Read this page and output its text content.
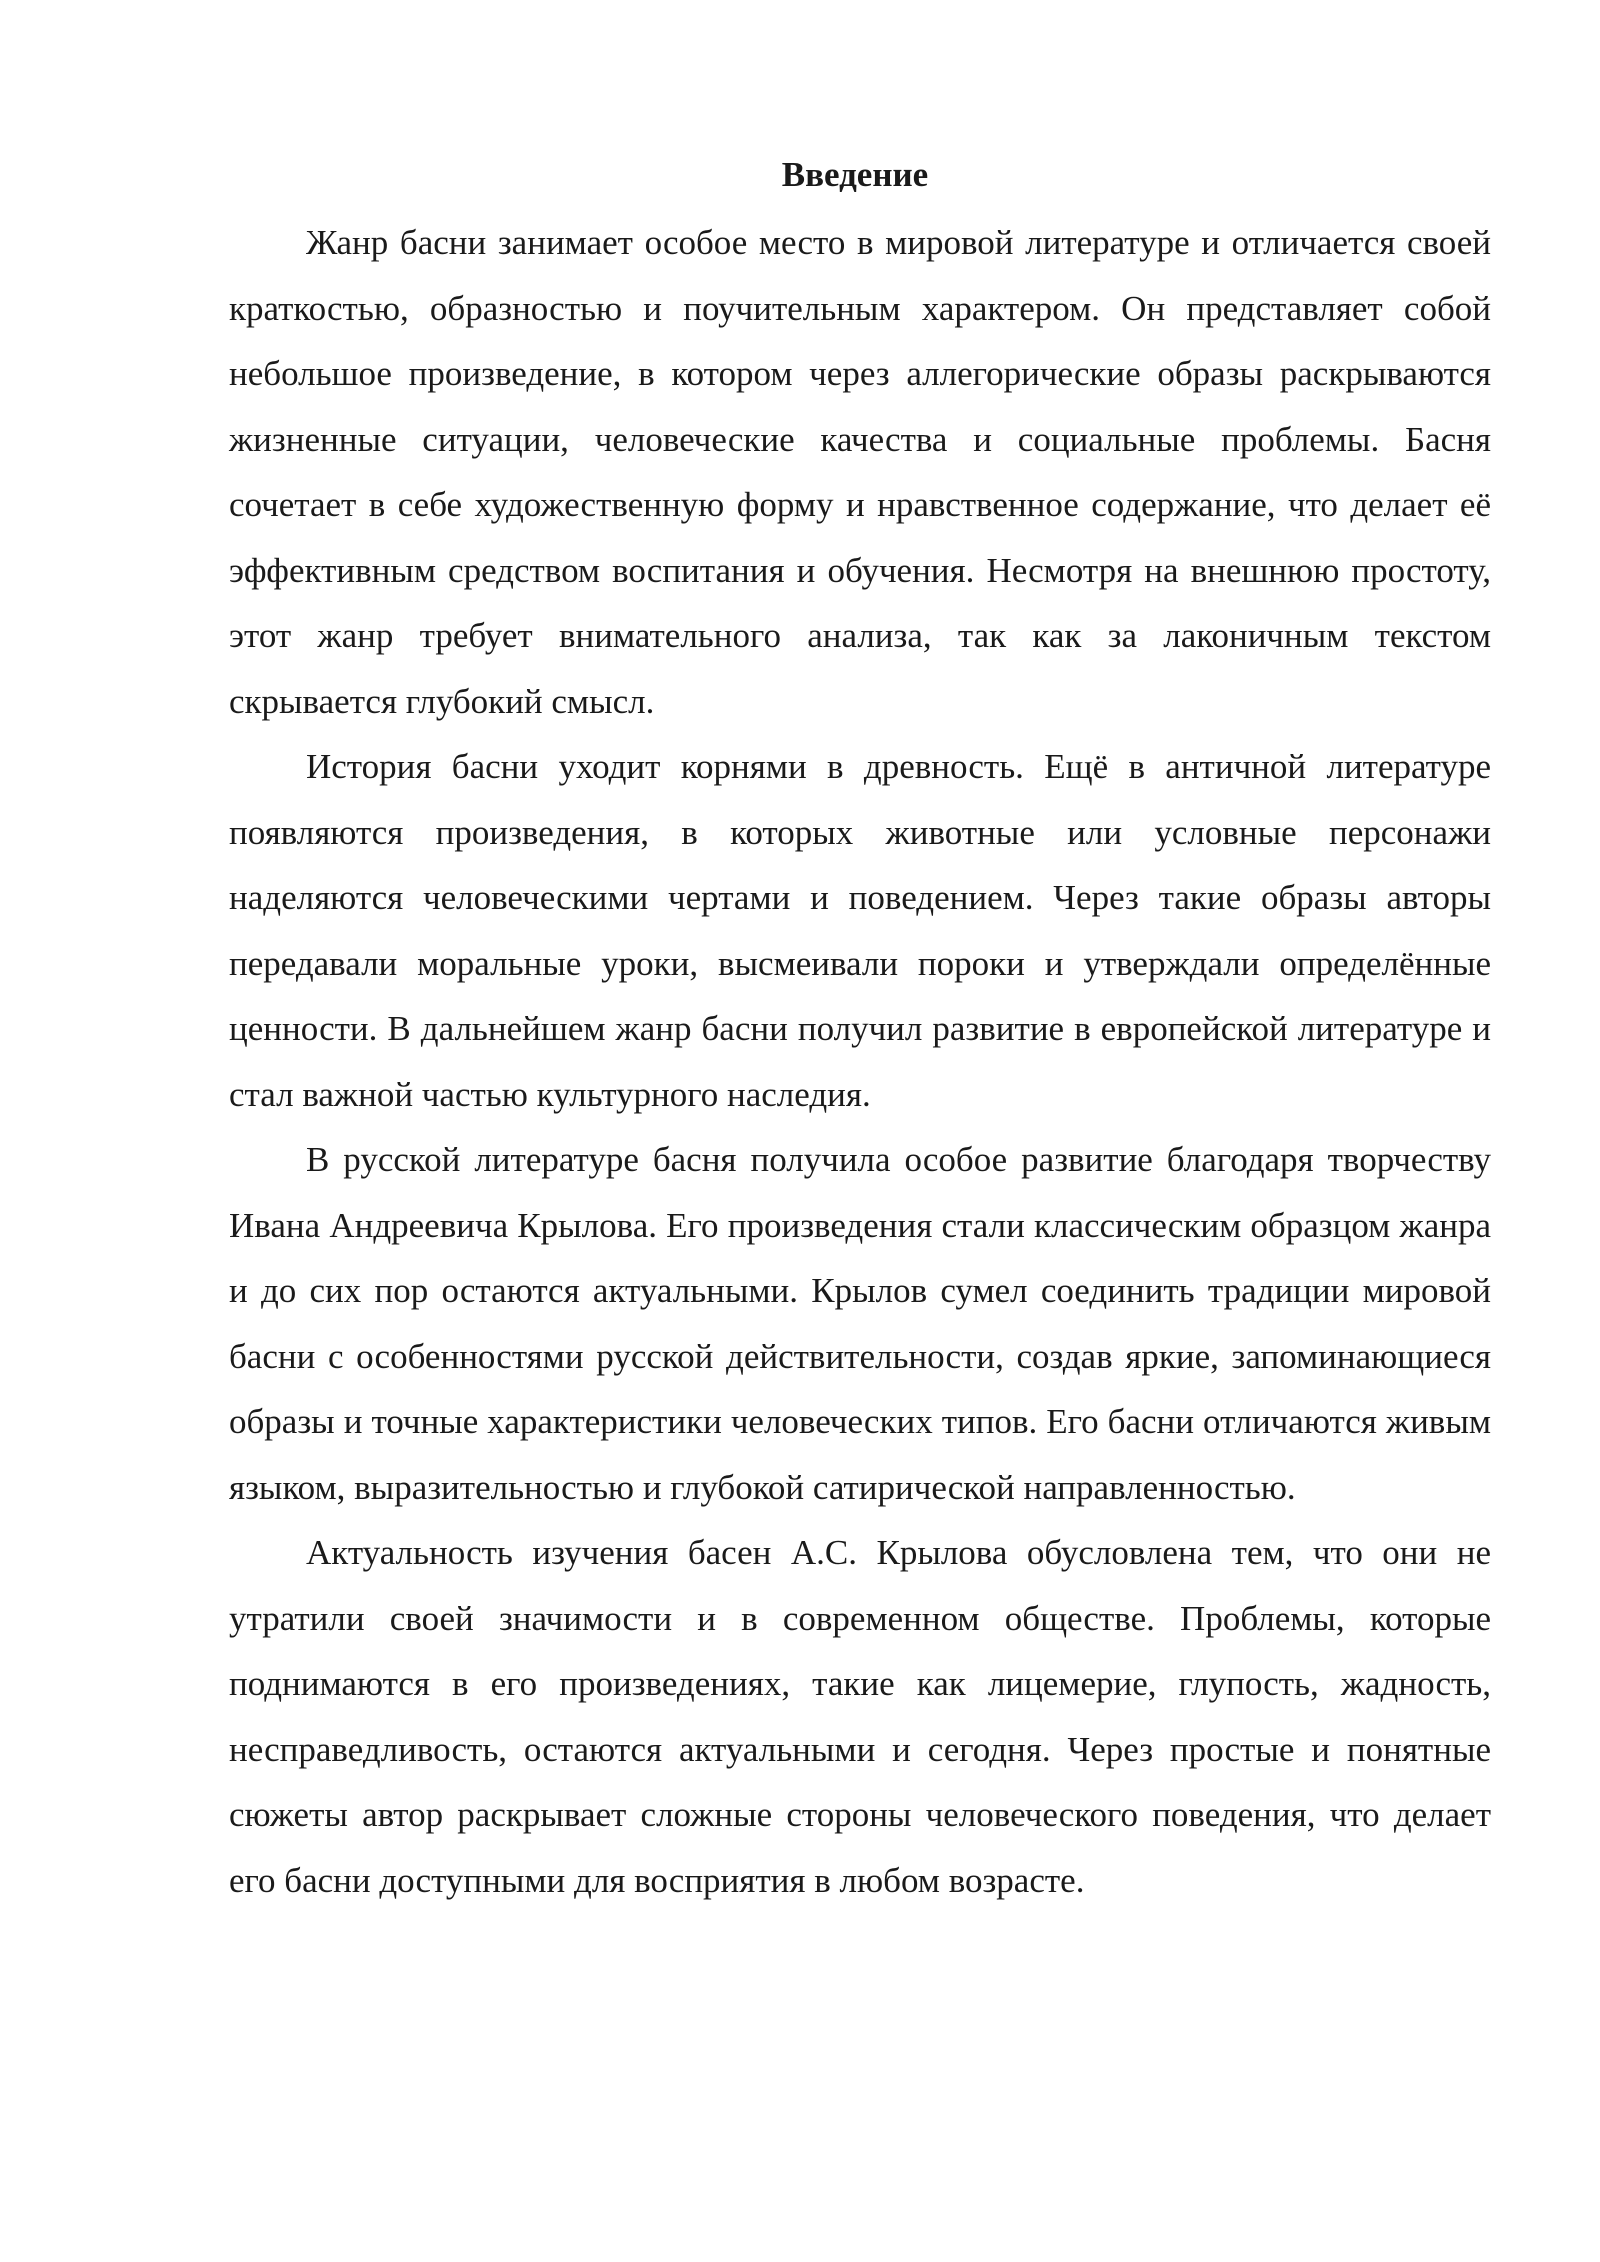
Введение

Жанр басни занимает особое место в мировой литературе и отличается своей краткостью, образностью и поучительным характером. Он представляет собой небольшое произведение, в котором через аллегорические образы раскрываются жизненные ситуации, человеческие качества и социальные проблемы. Басня сочетает в себе художественную форму и нравственное содержание, что делает её эффективным средством воспитания и обучения. Несмотря на внешнюю простоту, этот жанр требует внимательного анализа, так как за лаконичным текстом скрывается глубокий смысл.

История басни уходит корнями в древность. Ещё в античной литературе появляются произведения, в которых животные или условные персонажи наделяются человеческими чертами и поведением. Через такие образы авторы передавали моральные уроки, высмеивали пороки и утверждали определённые ценности. В дальнейшем жанр басни получил развитие в европейской литературе и стал важной частью культурного наследия.

В русской литературе басня получила особое развитие благодаря творчеству Ивана Андреевича Крылова. Его произведения стали классическим образцом жанра и до сих пор остаются актуальными. Крылов сумел соединить традиции мировой басни с особенностями русской действительности, создав яркие, запоминающиеся образы и точные характеристики человеческих типов. Его басни отличаются живым языком, выразительностью и глубокой сатирической направленностью.

Актуальность изучения басен А.С. Крылова обусловлена тем, что они не утратили своей значимости и в современном обществе. Проблемы, которые поднимаются в его произведениях, такие как лицемерие, глупость, жадность, несправедливость, остаются актуальными и сегодня. Через простые и понятные сюжеты автор раскрывает сложные стороны человеческого поведения, что делает его басни доступными для восприятия в любом возрасте.
